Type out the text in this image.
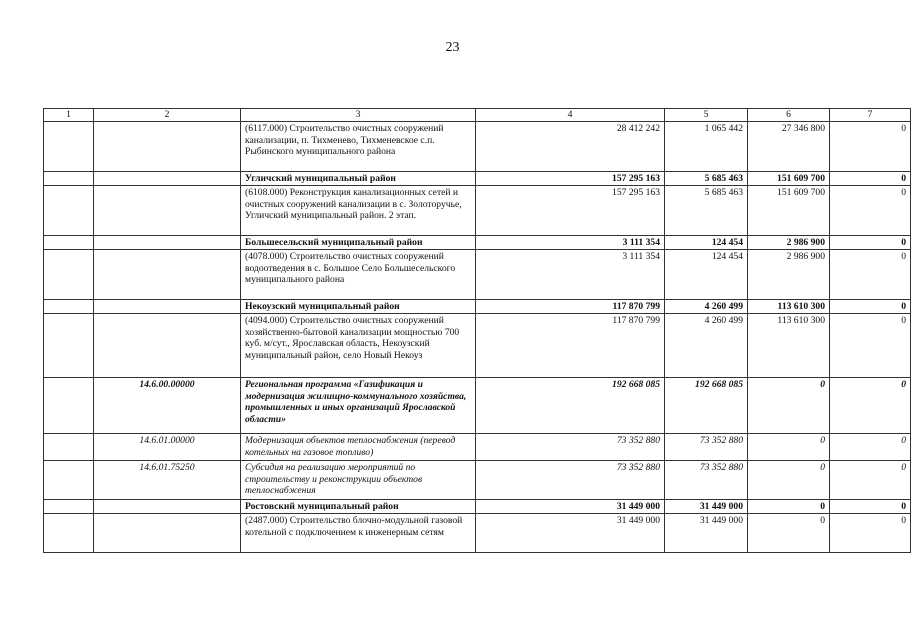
23
1	2	3	4	5	6	7
		(6117.000) Строительство очистных сооружений канализации, п. Тихменево, Тихменевское с.п. Рыбинского муниципального района	28 412 242	1 065 442	27 346 800	0
		Угличский муниципальный район	157 295 163	5 685 463	151 609 700	0
		(6108.000) Реконструкция канализационных сетей и очистных сооружений канализации в с. Золоторучье, Угличский муниципальный район. 2 этап.	157 295 163	5 685 463	151 609 700	0
		Большесельский муниципальный район	3 111 354	124 454	2 986 900	0
		(4078.000) Строительство очистных сооружений водоотведения в с. Большое Село Большесельского муниципального района	3 111 354	124 454	2 986 900	0
		Некоузский муниципальный район	117 870 799	4 260 499	113 610 300	0
		(4094.000) Строительство очистных сооружений хозяйственно-бытовой канализации мощностью 700 куб. м/сут., Ярославская область, Некоузский муниципальный район, село Новый Некоуз	117 870 799	4 260 499	113 610 300	0
	14.6.00.00000	Региональная программа «Газификация и модернизация жилищно-коммунального хозяйства, промышленных и иных организаций Ярославской области»	192 668 085	192 668 085	0	0
	14.6.01.00000	Модернизация объектов теплоснабжения (перевод котельных на газовое топливо)	73 352 880	73 352 880	0	0
	14.6.01.75250	Субсидия на реализацию мероприятий по строительству и реконструкции объектов теплоснабжения	73 352 880	73 352 880	0	0
		Ростовский муниципальный район	31 449 000	31 449 000	0	0
		(2487.000) Строительство блочно-модульной газовой котельной с подключением к инженерным сетям	31 449 000	31 449 000	0	0
